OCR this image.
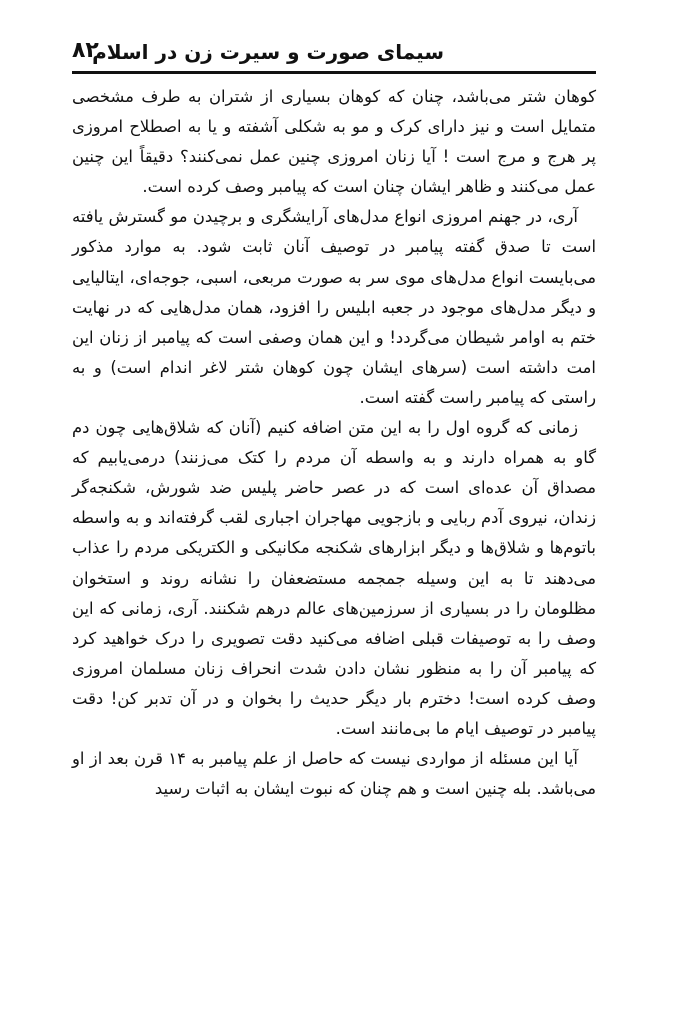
سیمای صورت و سیرت زن در اسلام
۸۲

کوهان شتر می‌باشد، چنان که کوهان بسیاری از شتران به طرف مشخصی متمایل است و نیز دارای کرک و مو به شکلی آشفته و یا به اصطلاح امروزی پر هرج و مرج است ! آیا زنان امروزی چنین عمل نمی‌کنند؟ دقیقاً این چنین عمل می‌کنند و ظاهر ایشان چنان است که پیامبر وصف کرده است.

آری، در جهنم امروزی انواع مدل‌های آرایشگری و برچیدن مو گسترش یافته است تا صدق گفته پیامبر در توصیف آنان ثابت شود. به موارد مذکور می‌بایست انواع مدل‌های موی سر به صورت مربعی، اسبی، جوجه‌ای، ایتالیایی و دیگر مدل‌های موجود در جعبه ابلیس را افزود، همان مدل‌هایی که در نهایت ختم به اوامر شیطان می‌گردد! و این همان وصفی است که پیامبر از زنان این امت داشته است (سرهای ایشان چون کوهان شتر لاغر اندام است) و به راستی که پیامبر راست گفته است.

زمانی که گروه اول را به این متن اضافه کنیم (آنان که شلاق‌هایی چون دم گاو به همراه دارند و به واسطه آن مردم را کتک می‌زنند) درمی‌یابیم که مصداق آن عده‌ای است که در عصر حاضر پلیس ضد شورش، شکنجه‌گر زندان، نیروی آدم ربایی و بازجویی مهاجران اجباری لقب گرفته‌اند و به واسطه باتوم‌ها و شلاق‌ها و دیگر ابزارهای شکنجه مکانیکی و الکتریکی مردم را عذاب می‌دهند تا به این وسیله جمجمه مستضعفان را نشانه روند و استخوان مظلومان را در بسیاری از سرزمین‌های عالم درهم شکنند. آری، زمانی که این وصف را به توصیفات قبلی اضافه می‌کنید دقت تصویری را درک خواهید کرد که پیامبر آن را به منظور نشان دادن شدت انحراف زنان مسلمان امروزی وصف کرده است! دخترم بار دیگر حدیث را بخوان و در آن تدبر کن! دقت پیامبر در توصیف ایام ما بی‌مانند است.

آیا این مسئله از مواردی نیست که حاصل از علم پیامبر به ۱۴ قرن بعد از او می‌باشد. بله چنین است و هم چنان که نبوت ایشان به اثبات رسید
